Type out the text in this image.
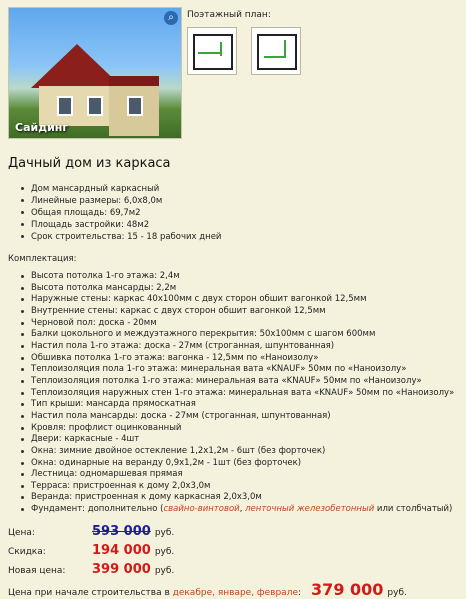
Сайдинг
⌕	Поэтажный план:
Дачный дом из каркаса
Дом мансардный каркасный
Линейные размеры: 6,0х8,0м
Общая площадь: 69,7м2
Площадь застройки: 48м2
Срок строительства: 15 - 18 рабочих дней
Комплектация:
Высота потолка 1-го этажа: 2,4м
Высота потолка мансарды: 2,2м
Наружные стены: каркас 40х100мм с двух сторон обшит вагонкой 12,5мм
Внутренние стены: каркас с двух сторон обшит вагонкой 12,5мм
Черновой пол: доска - 20мм
Балки цокольного и междуэтажного перекрытия: 50х100мм с шагом 600мм
Настил пола 1-го этажа: доска - 27мм (строганная, шпунтованная)
Обшивка потолка 1-го этажа: вагонка - 12,5мм по «Наноизолу»
Теплоизоляция пола 1-го этажа: минеральная вата «KNAUF» 50мм по «Наноизолу»
Теплоизоляция потолка 1-го этажа: минеральная вата «KNAUF» 50мм по «Наноизолу»
Теплоизоляция наружных стен 1-го этажа: минеральная вата «KNAUF» 50мм по «Наноизолу»
Тип крыши: мансарда прямоскатная
Настил пола мансарды: доска - 27мм (строганная, шпунтованная)
Кровля: профлист оцинкованный
Двери: каркасные - 4шт
Окна: зимние двойное остекление 1,2х1,2м - 6шт (без форточек)
Окна: одинарные на веранду 0,9х1,2м - 1шт (без форточек)
Лестница: одномаршевая прямая
Терраса: пристроенная к дому 2,0х3,0м
Веранда: пристроенная к дому каркасная 2,0х3,0м
Фундамент: дополнительно (свайно-винтовой, ленточный железобетонный или столбчатый)
Цена:	593 000 руб.
Скидка:	194 000 руб.
Новая цена: 399 000 руб.
Цена при начале строительства в декабре, январе, феврале: 379 000 руб.
